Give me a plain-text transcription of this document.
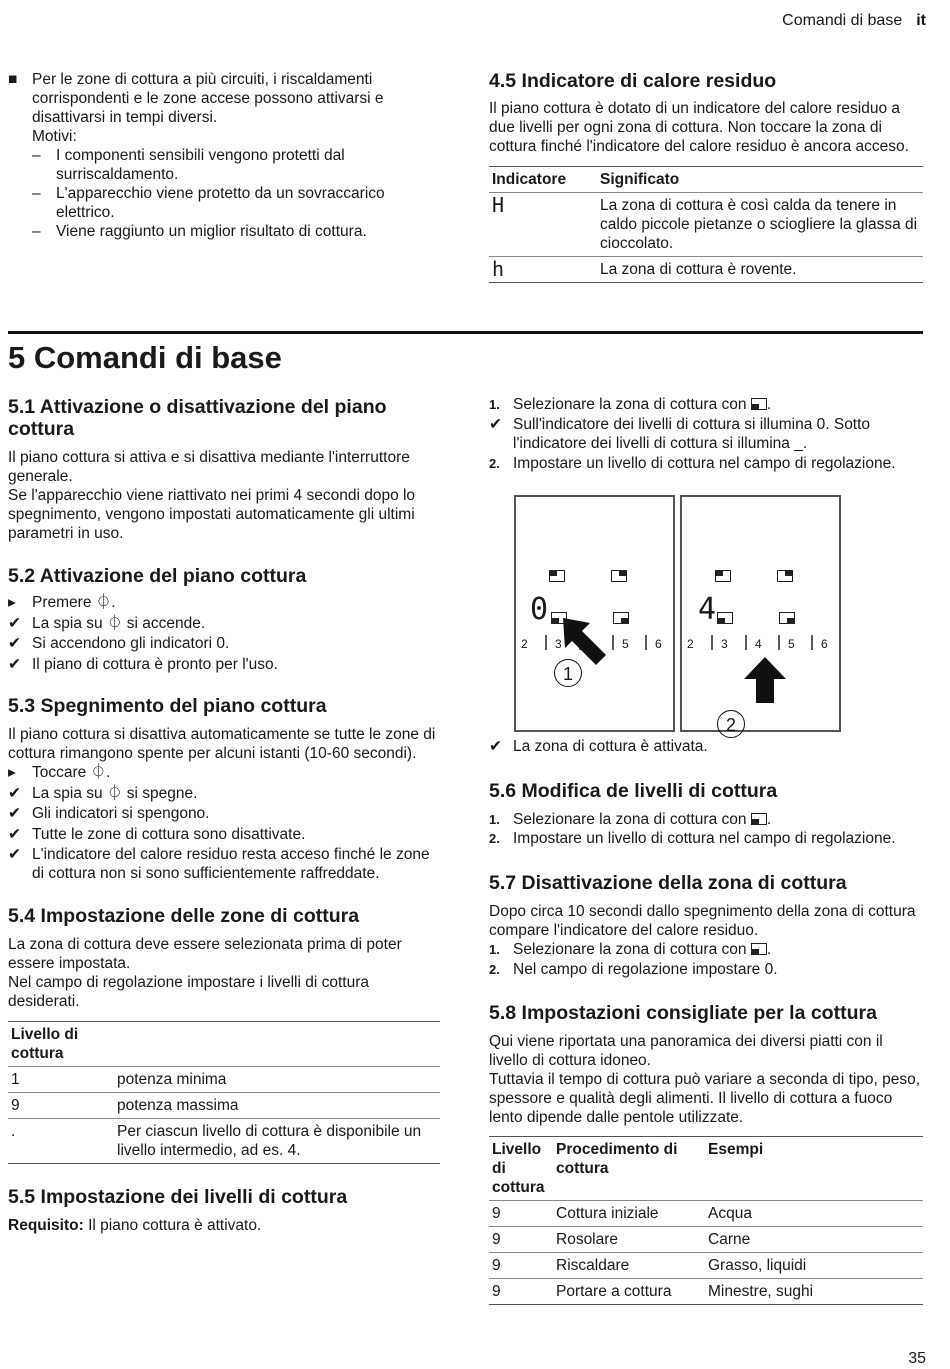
Comandi di base it
■ Per le zone di cottura a più circuiti, i riscaldamenti corrispondenti e le zone accese possono attivarsi e disattivarsi in tempi diversi.
Motivi:
– I componenti sensibili vengono protetti dal surriscaldamento.
– L'apparecchio viene protetto da un sovraccarico elettrico.
– Viene raggiunto un miglior risultato di cottura.
4.5 Indicatore di calore residuo

Il piano cottura è dotato di un indicatore del calore residuo a due livelli per ogni zona di cottura. Non toccare la zona di cottura finché l'indicatore del calore residuo è ancora acceso.

Indicatore	Significato
H	La zona di cottura è così calda da tenere in caldo piccole pietanze o sciogliere la glassa di cioccolato.
h	La zona di cottura è rovente.
5 Comandi di base
5.1 Attivazione o disattivazione del piano cottura

Il piano cottura si attiva e si disattiva mediante l'interruttore generale.

Se l'apparecchio viene riattivato nei primi 4 secondi dopo lo spegnimento, vengono impostati automaticamente gli ultimi parametri in uso.

5.2 Attivazione del piano cottura
▸ Premere ⏀.
✔ La spia su ⏀ si accende.
✔ Si accendono gli indicatori 0.
✔ Il piano di cottura è pronto per l'uso.
5.3 Spegnimento del piano cottura

Il piano cottura si disattiva automaticamente se tutte le zone di cottura rimangono spente per alcuni istanti (10-60 secondi).

▸ Toccare ⏀.
✔ La spia su ⏀ si spegne.
✔ Gli indicatori si spengono.
✔ Tutte le zone di cottura sono disattivate.
✔ L'indicatore del calore residuo resta acceso finché le zone di cottura non si sono sufficientemente raffreddate.
5.4 Impostazione delle zone di cottura

La zona di cottura deve essere selezionata prima di poter essere impostata.

Nel campo di regolazione impostare i livelli di cottura desiderati.

Livello di cottura	
1	potenza minima
9	potenza massima
.	Per ciascun livello di cottura è disponibile un livello intermedio, ad es. 4.
5.5 Impostazione dei livelli di cottura

Requisito: Il piano cottura è attivato.

1. Selezionare la zona di cottura con .
✔ Sull'indicatore dei livelli di cottura si illumina 0. Sotto l'indicatore dei livelli di cottura si illumina _.
2. Impostare un livello di cottura nel campo di regolazione.
0
2 3	5 6
1
4
2 3 4 5 6
2
✔ La zona di cottura è attivata.
5.6 Modifica de livelli di cottura
1. Selezionare la zona di cottura con .
2. Impostare un livello di cottura nel campo di regolazione.
5.7 Disattivazione della zona di cottura

Dopo circa 10 secondi dallo spegnimento della zona di cottura compare l'indicatore del calore residuo.

1. Selezionare la zona di cottura con .
2. Nel campo di regolazione impostare 0.
5.8 Impostazioni consigliate per la cottura

Qui viene riportata una panoramica dei diversi piatti con il livello di cottura idoneo.

Tuttavia il tempo di cottura può variare a seconda di tipo, peso, spessore e qualità degli alimenti. Il livello di cottura a fuoco lento dipende dalle pentole utilizzate.

Livello di cottura	Procedimento di cottura	Esempi
9	Cottura iniziale	Acqua
9	Rosolare	Carne
9	Riscaldare	Grasso, liquidi
9	Portare a cottura	Minestre, sughi
35
